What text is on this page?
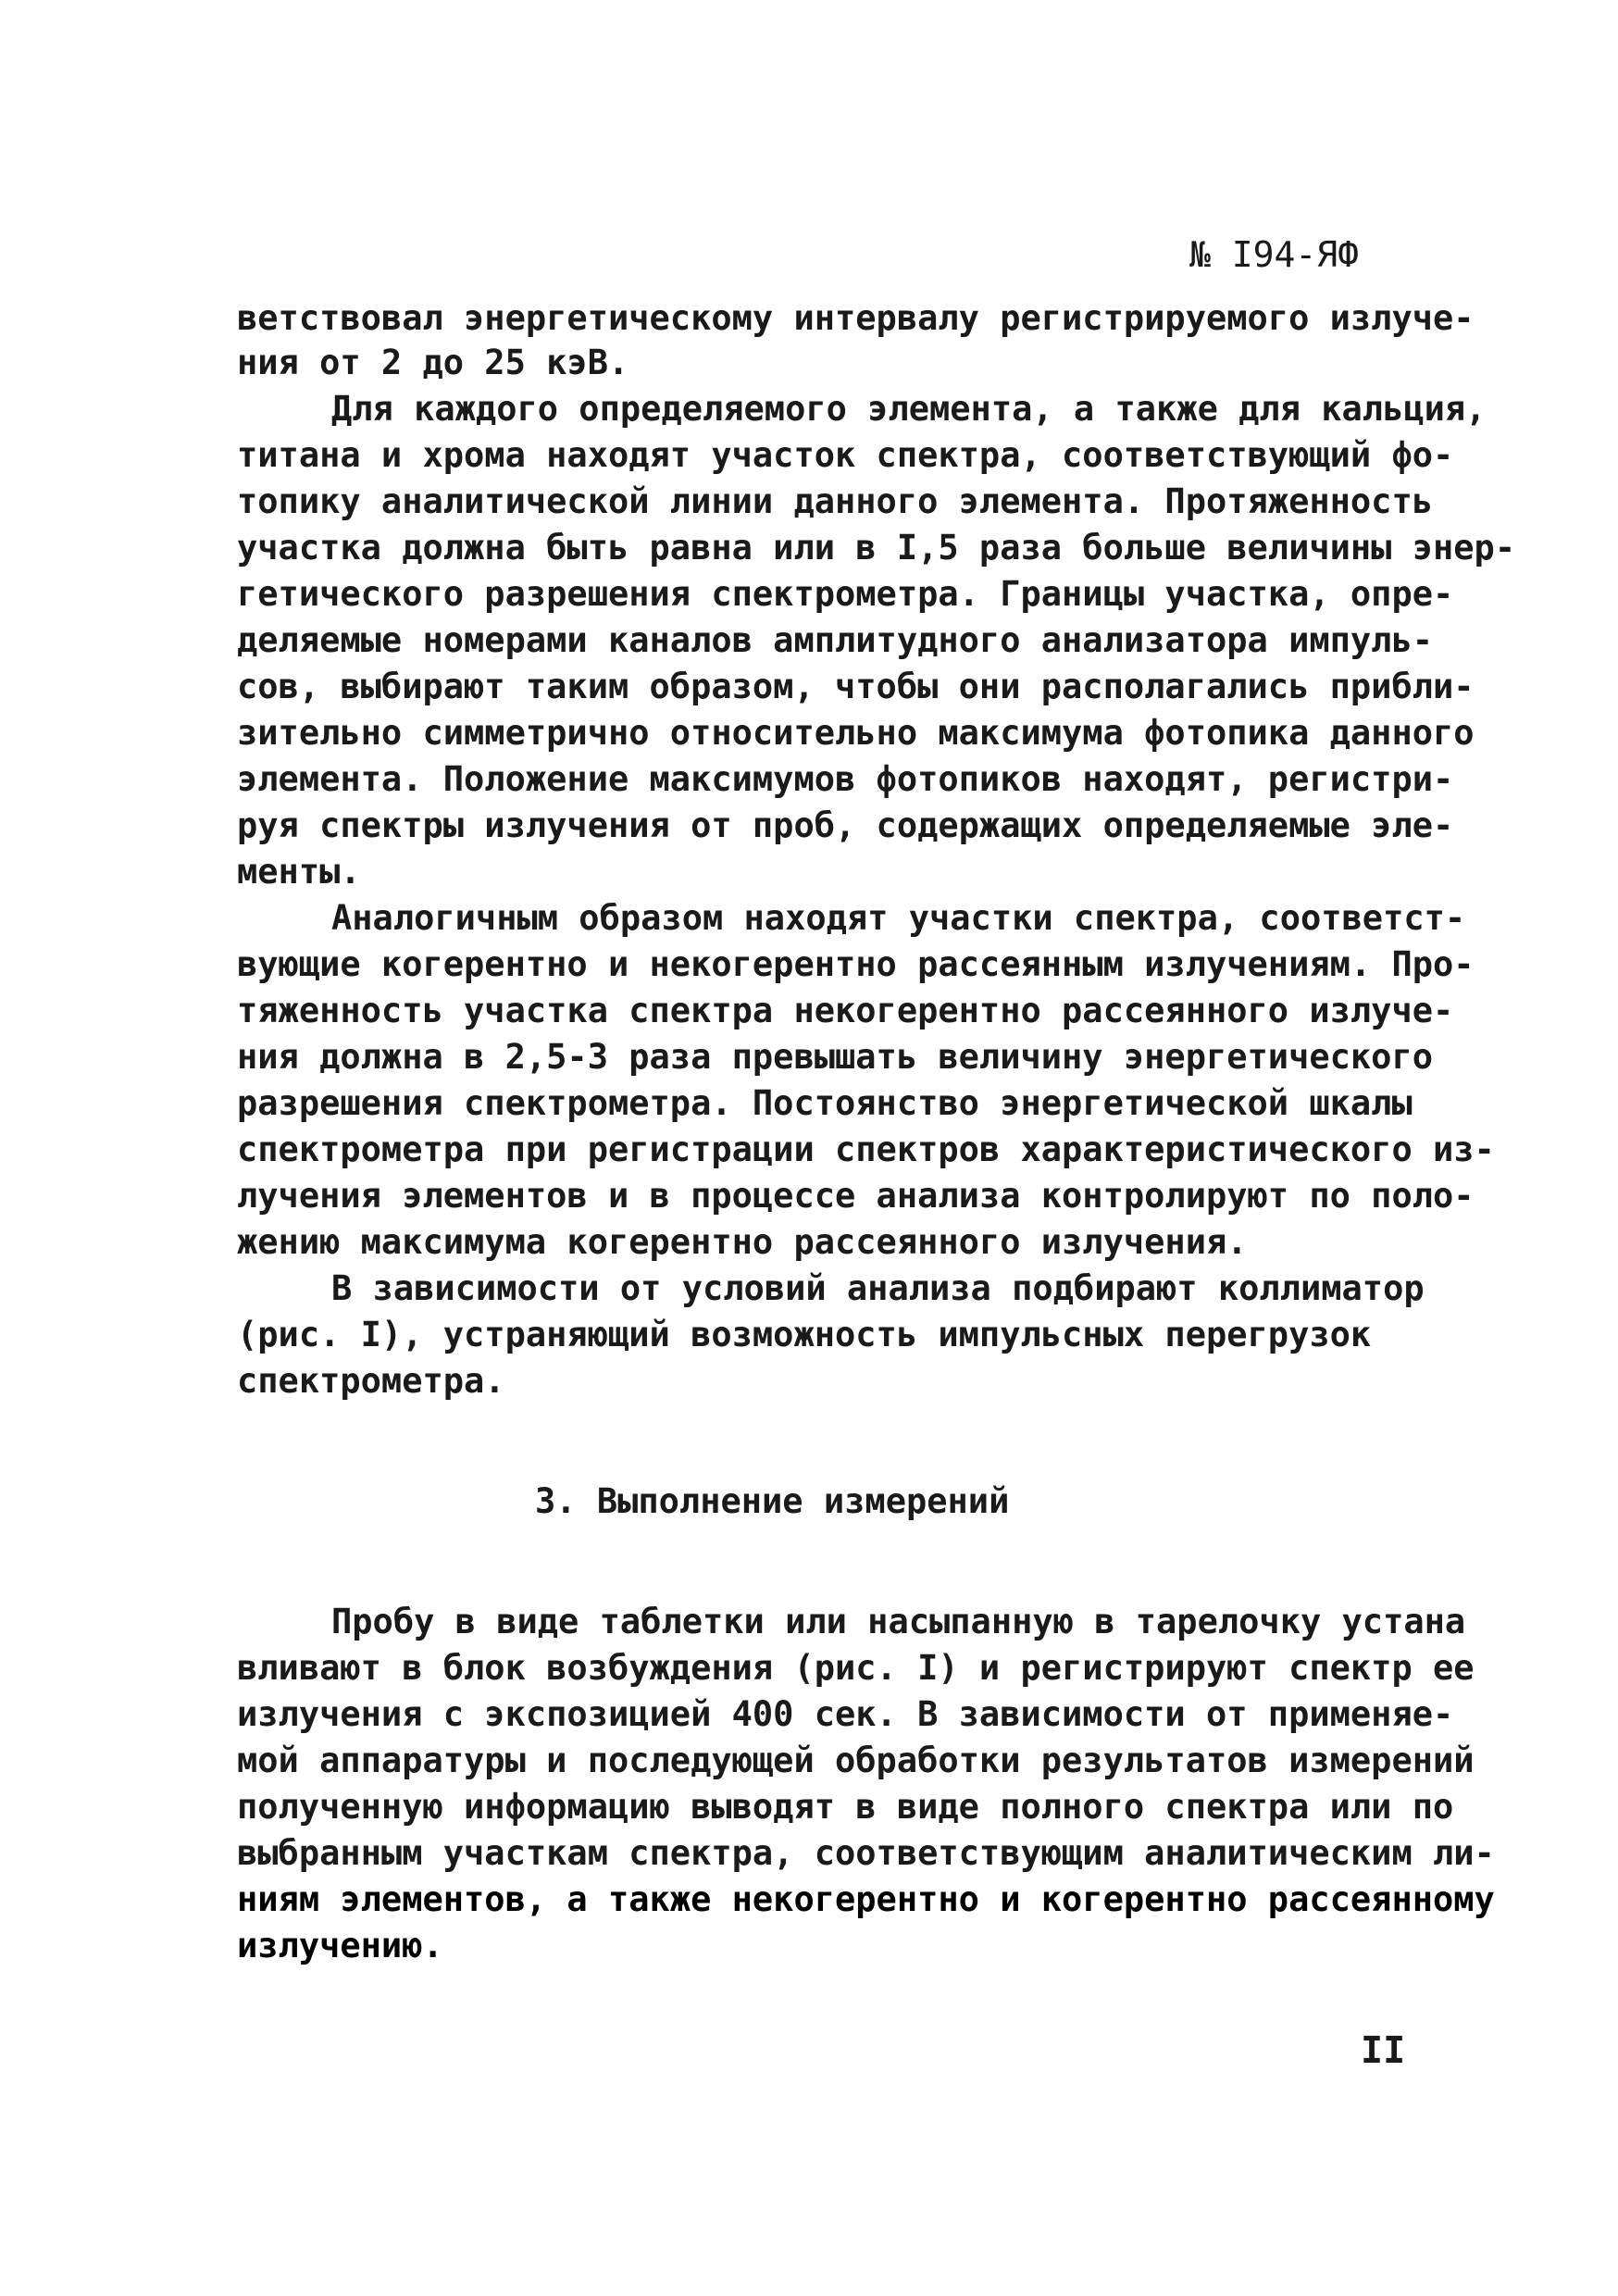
№ I94-ЯФ
ветствовал энергетическому интервалу регистрируемого излуче-
ния от 2 до 25 кэВ.
Для каждого определяемого элемента, а также для кальция,
титана и хрома находят участок спектра, соответствующий фо-
топику аналитической линии данного элемента. Протяженность
участка должна быть равна или в I,5 раза больше величины энер-
гетического разрешения спектрометра. Границы участка, опре-
деляемые номерами каналов амплитудного анализатора импуль-
сов, выбирают таким образом, чтобы они располагались прибли-
зительно симметрично относительно максимума фотопика данного
элемента. Положение максимумов фотопиков находят, регистри-
руя спектры излучения от проб, содержащих определяемые эле-
менты.
Аналогичным образом находят участки спектра, соответст-
вующие когерентно и некогерентно рассеянным излучениям. Про-
тяженность участка спектра некогерентно рассеянного излуче-
ния должна в 2,5-3 раза превышать величину энергетического
разрешения спектрометра. Постоянство энергетической шкалы
спектрометра при регистрации спектров характеристического из-
лучения элементов и в процессе анализа контролируют по поло-
жению максимума когерентно рассеянного излучения.
В зависимости от условий анализа подбирают коллиматор
(рис. I), устраняющий возможность импульсных перегрузок
спектрометра.
3. Выполнение измерений
Пробу в виде таблетки или насыпанную в тарелочку устана
вливают в блок возбуждения (рис. I) и регистрируют спектр ее
излучения с экспозицией 400 сек. В зависимости от применяе-
мой аппаратуры и последующей обработки результатов измерений
полученную информацию выводят в виде полного спектра или по
выбранным участкам спектра, соответствующим аналитическим ли-
ниям элементов, а также некогерентно и когерентно рассеянному
излучению.
II
